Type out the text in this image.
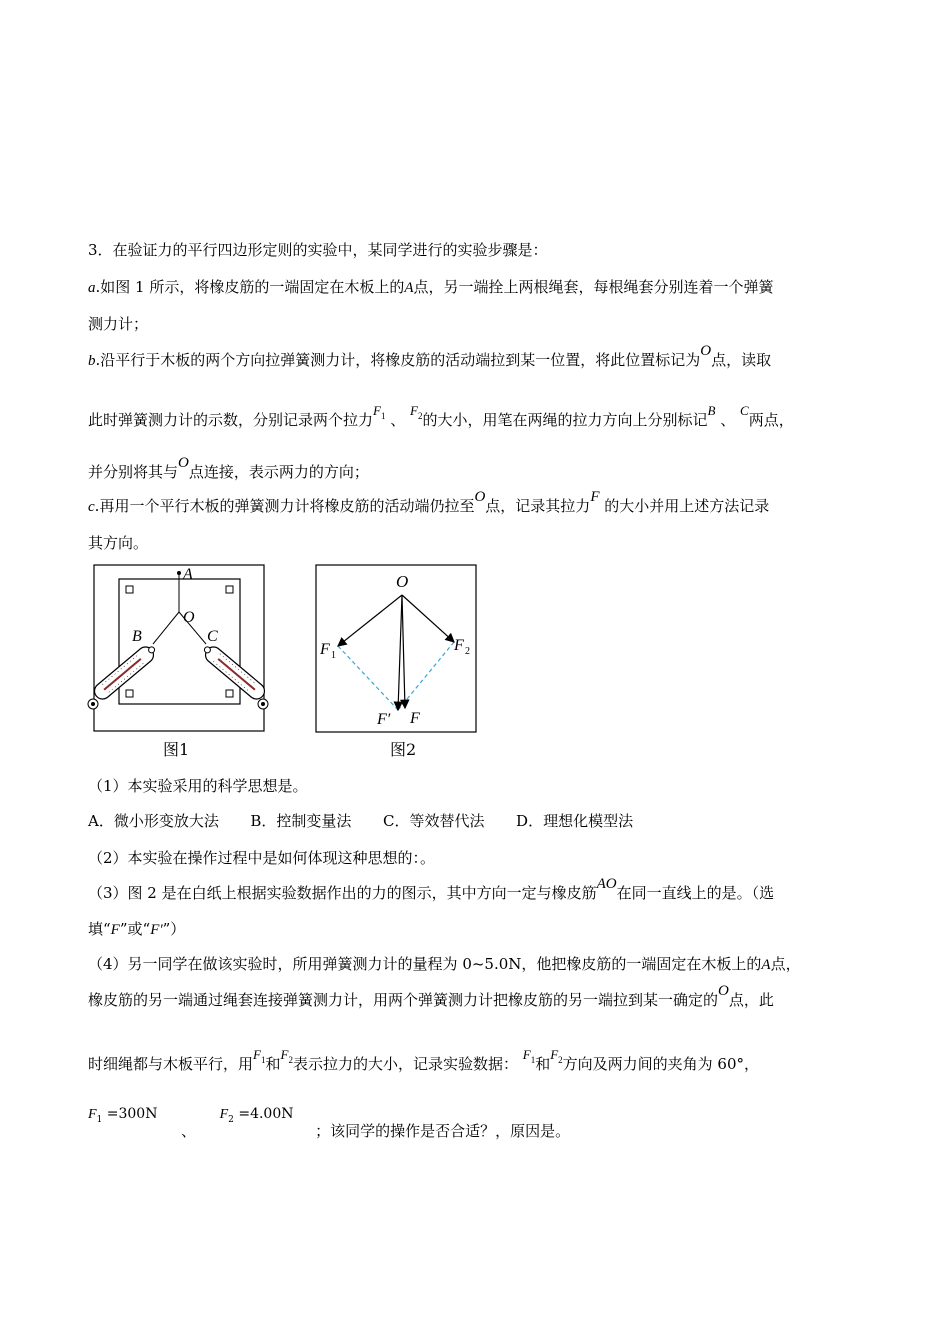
3．在验证力的平行四边形定则的实验中，某同学进行的实验步骤是：
a.如图 1 所示，将橡皮筋的一端固定在木板上的A点，另一端拴上两根绳套，每根绳套分别连着一个弹簧
测力计；
b.沿平行于木板的两个方向拉弹簧测力计，将橡皮筋的活动端拉到某一位置，将此位置标记为O点，读取
此时弹簧测力计的示数，分别记录两个拉力$F_1$ 、 $F_2$的大小，用笔在两绳的拉力方向上分别标记B 、 C两点，
并分别将其与O点连接，表示两力的方向；
c.再用一个平行木板的弹簧测力计将橡皮筋的活动端仍拉至O点，记录其拉力F 的大小并用上述方法记录
其方向。
A
O
B	C
图1
O
F 1
F 2
F′ F
图2
（1）本实验采用的科学思想是。
A．微小形变放大法 B．控制变量法 C．等效替代法 D．理想化模型法
（2）本实验在操作过程中是如何体现这种思想的：。
（3）图 2 是在白纸上根据实验数据作出的力的图示，其中方向一定与橡皮筋AO在同一直线上的是。（选
填“F”或“F′”）
（4）另一同学在做该实验时，所用弹簧测力计的量程为 0~5.0N，他把橡皮筋的一端固定在木板上的A点，
橡皮筋的另一端通过绳套连接弹簧测力计，用两个弹簧测力计把橡皮筋的另一端拉到某一确定的O点，此
时细绳都与木板平行，用$F_1$和$F_2$表示拉力的大小，记录实验数据： $F_1$和$F_2$方向及两力间的夹角为 60°，
$F_1 =300N$  、  $F_2 =4.00N$  ；该同学的操作是否合适？，原因是。
